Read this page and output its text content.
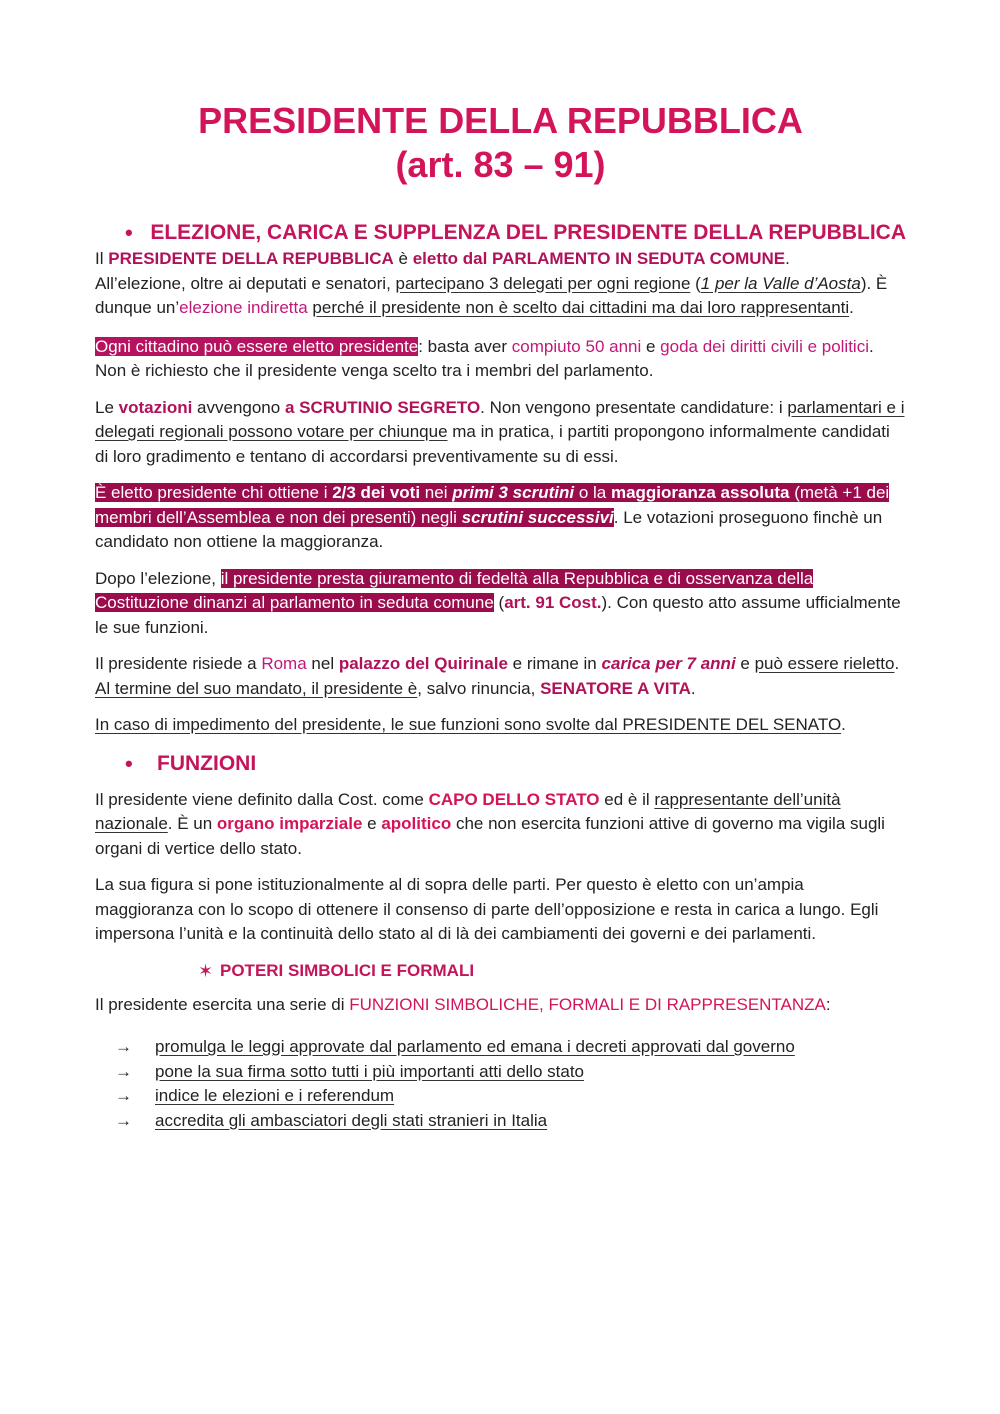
PRESIDENTE DELLA REPUBBLICA
(art. 83 – 91)
• ELEZIONE, CARICA E SUPPLENZA DEL PRESIDENTE DELLA REPUBBLICA

Il PRESIDENTE DELLA REPUBBLICA è eletto dal PARLAMENTO IN SEDUTA COMUNE.
All’elezione, oltre ai deputati e senatori, partecipano 3 delegati per ogni regione (1 per la Valle d’Aosta). È dunque un’elezione indiretta perché il presidente non è scelto dai cittadini ma dai loro rappresentanti.

Ogni cittadino può essere eletto presidente: basta aver compiuto 50 anni e goda dei diritti civili e politici. Non è richiesto che il presidente venga scelto tra i membri del parlamento.

Le votazioni avvengono a SCRUTINIO SEGRETO. Non vengono presentate candidature: i parlamentari e i delegati regionali possono votare per chiunque ma in pratica, i partiti propongono informalmente candidati di loro gradimento e tentano di accordarsi preventivamente su di essi.

È eletto presidente chi ottiene i 2/3 dei voti nei primi 3 scrutini o la maggioranza assoluta (metà +1 dei membri dell’Assemblea e non dei presenti) negli scrutini successivi. Le votazioni proseguono finchè un candidato non ottiene la maggioranza.

Dopo l’elezione, il presidente presta giuramento di fedeltà alla Repubblica e di osservanza della Costituzione dinanzi al parlamento in seduta comune (art. 91 Cost.). Con questo atto assume ufficialmente le sue funzioni.

Il presidente risiede a Roma nel palazzo del Quirinale e rimane in carica per 7 anni e può essere rieletto. Al termine del suo mandato, il presidente è, salvo rinuncia, SENATORE A VITA.

In caso di impedimento del presidente, le sue funzioni sono svolte dal PRESIDENTE DEL SENATO.

•	FUNZIONI

Il presidente viene definito dalla Cost. come CAPO DELLO STATO ed è il rappresentante dell’unità nazionale. È un organo imparziale e apolitico che non esercita funzioni attive di governo ma vigila sugli organi di vertice dello stato.

La sua figura si pone istituzionalmente al di sopra delle parti. Per questo è eletto con un’ampia maggioranza con lo scopo di ottenere il consenso di parte dell’opposizione e resta in carica a lungo. Egli impersona l’unità e la continuità dello stato al di là dei cambiamenti dei governi e dei parlamenti.

✶ POTERI SIMBOLICI E FORMALI

Il presidente esercita una serie di FUNZIONI SIMBOLICHE, FORMALI E DI RAPPRESENTANZA:

→	promulga le leggi approvate dal parlamento ed emana i decreti approvati dal governo
→	pone la sua firma sotto tutti i più importanti atti dello stato
→	indice le elezioni e i referendum
→	accredita gli ambasciatori degli stati stranieri in Italia
